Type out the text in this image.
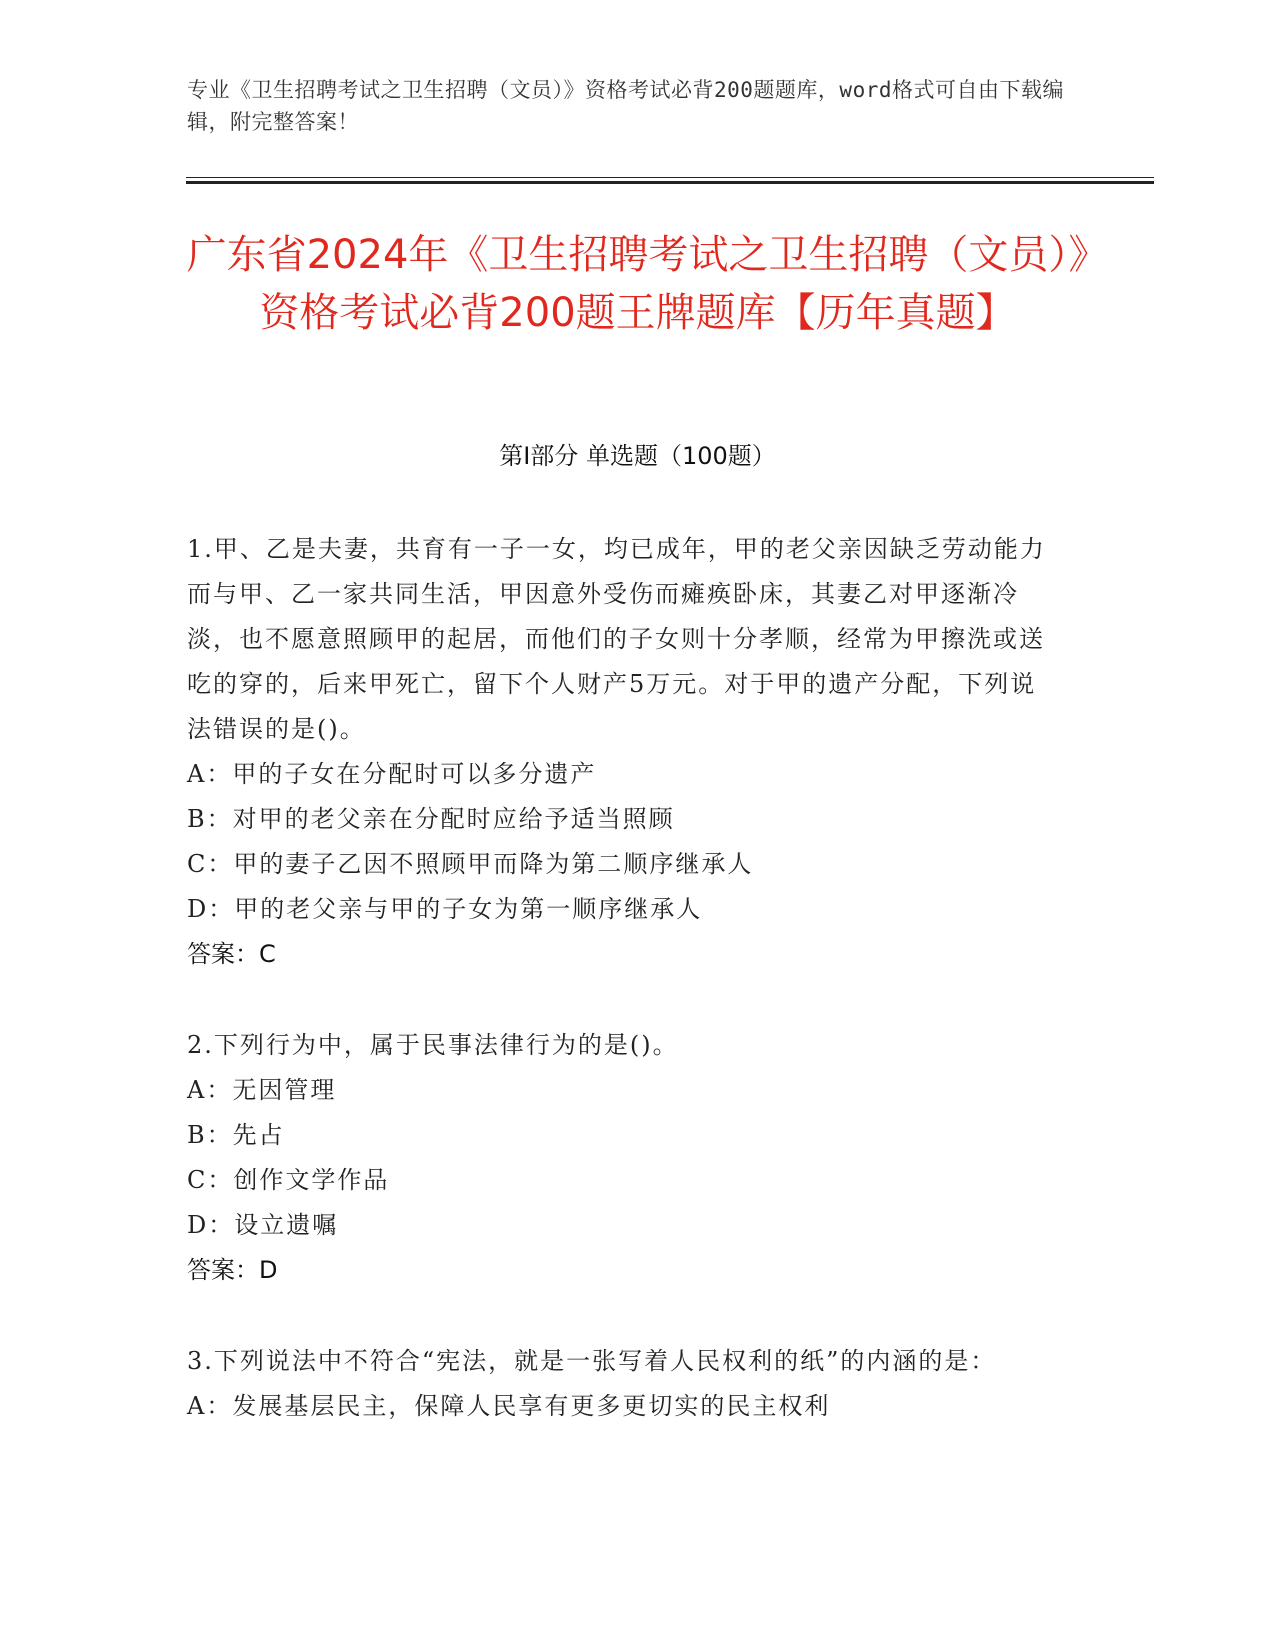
专业《卫生招聘考试之卫生招聘（文员）》资格考试必背200题题库，word格式可自由下载编辑，附完整答案！
广东省2024年《卫生招聘考试之卫生招聘（文员）》资格考试必背200题王牌题库【历年真题】
第Ⅰ部分 单选题（100题）
1.甲、乙是夫妻，共育有一子一女，均已成年，甲的老父亲因缺乏劳动能力而与甲、乙一家共同生活，甲因意外受伤而瘫痪卧床，其妻乙对甲逐渐冷淡，也不愿意照顾甲的起居，而他们的子女则十分孝顺，经常为甲擦洗或送吃的穿的，后来甲死亡，留下个人财产5万元。对于甲的遗产分配，下列说法错误的是()。
A：甲的子女在分配时可以多分遗产
B：对甲的老父亲在分配时应给予适当照顾
C：甲的妻子乙因不照顾甲而降为第二顺序继承人
D：甲的老父亲与甲的子女为第一顺序继承人
答案：C
2.下列行为中，属于民事法律行为的是()。
A：无因管理
B：先占
C：创作文学作品
D：设立遗嘱
答案：D
3.下列说法中不符合“宪法，就是一张写着人民权利的纸”的内涵的是：
A：发展基层民主，保障人民享有更多更切实的民主权利
